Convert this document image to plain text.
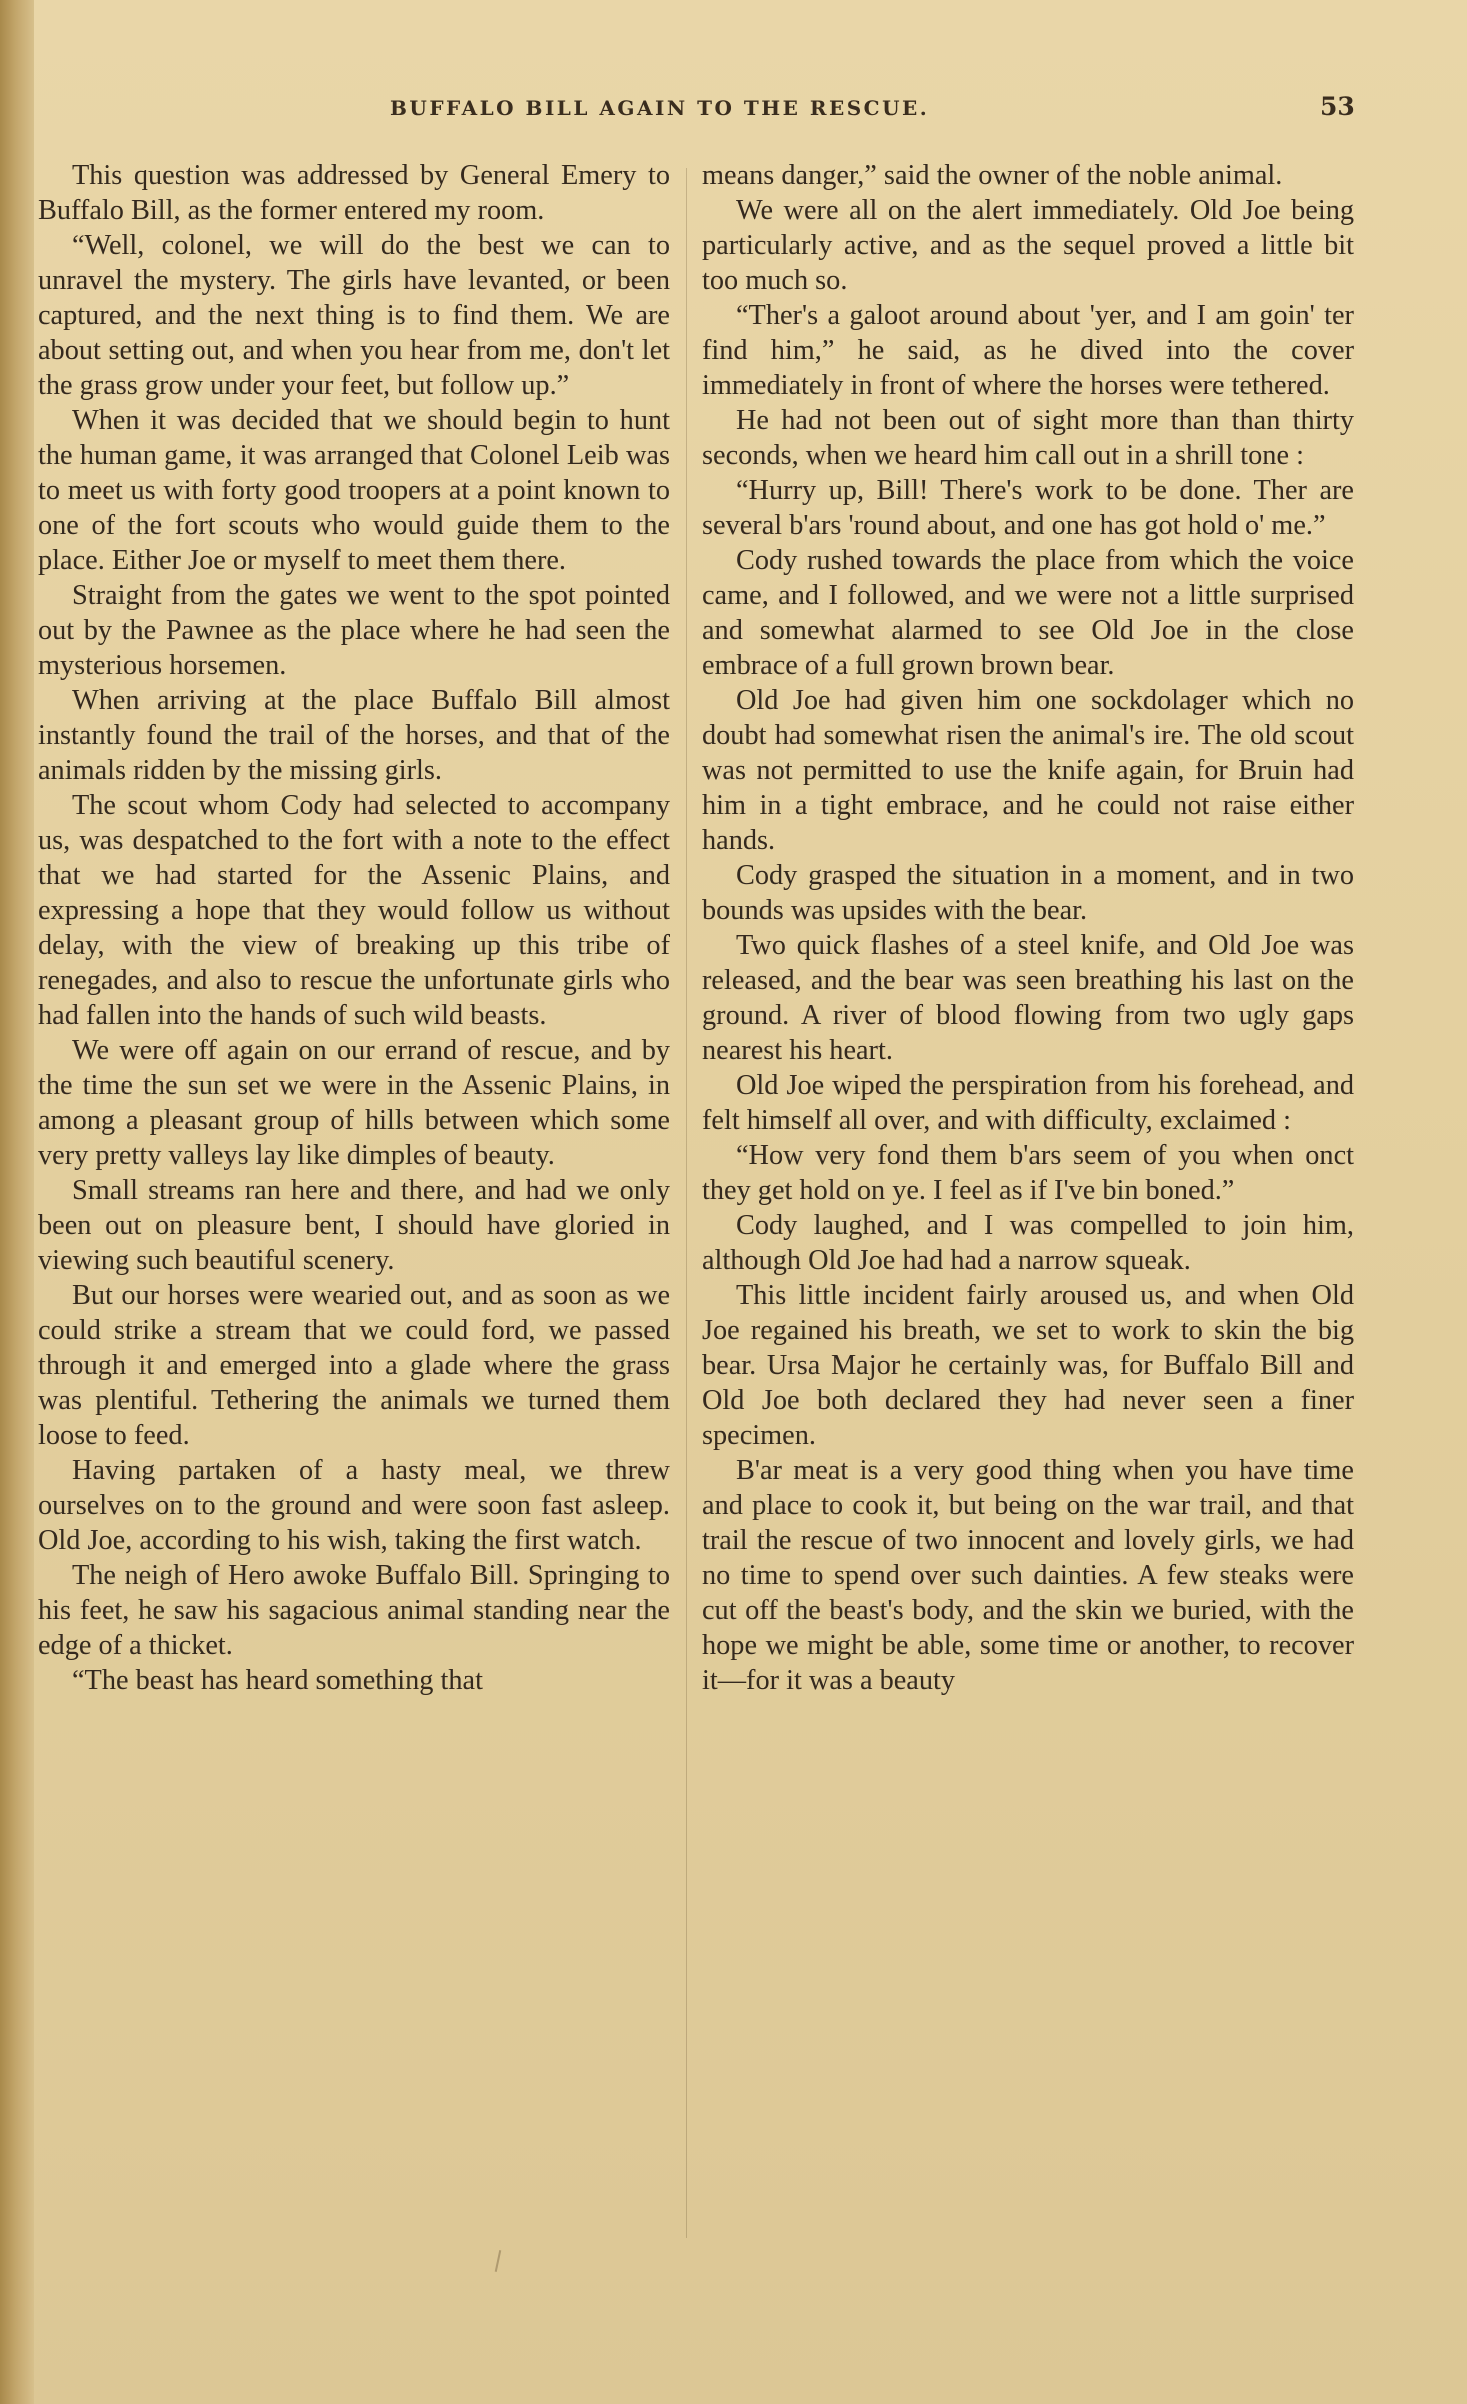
BUFFALO BILL AGAIN TO THE RESCUE.	53

This question was addressed by General Emery to Buffalo Bill, as the former entered my room.

“Well, colonel, we will do the best we can to unravel the mystery. The girls have levanted, or been captured, and the next thing is to find them. We are about setting out, and when you hear from me, don't let the grass grow under your feet, but follow up.”

When it was decided that we should begin to hunt the human game, it was arranged that Colonel Leib was to meet us with forty good troopers at a point known to one of the fort scouts who would guide them to the place. Either Joe or myself to meet them there.

Straight from the gates we went to the spot pointed out by the Pawnee as the place where he had seen the mysterious horsemen.

When arriving at the place Buffalo Bill almost instantly found the trail of the horses, and that of the animals ridden by the missing girls.

The scout whom Cody had selected to accompany us, was despatched to the fort with a note to the effect that we had started for the Assenic Plains, and expressing a hope that they would follow us without delay, with the view of breaking up this tribe of renegades, and also to rescue the unfortunate girls who had fallen into the hands of such wild beasts.

We were off again on our errand of rescue, and by the time the sun set we were in the Assenic Plains, in among a pleasant group of hills between which some very pretty valleys lay like dimples of beauty.

Small streams ran here and there, and had we only been out on pleasure bent, I should have gloried in viewing such beautiful scenery.

But our horses were wearied out, and as soon as we could strike a stream that we could ford, we passed through it and emerged into a glade where the grass was plentiful. Tethering the animals we turned them loose to feed.

Having partaken of a hasty meal, we threw ourselves on to the ground and were soon fast asleep. Old Joe, according to his wish, taking the first watch.

The neigh of Hero awoke Buffalo Bill. Springing to his feet, he saw his sagacious animal standing near the edge of a thicket.

“The beast has heard something that

means danger,” said the owner of the noble animal.

We were all on the alert immediately. Old Joe being particularly active, and as the sequel proved a little bit too much so.

“Ther's a galoot around about 'yer, and I am goin' ter find him,” he said, as he dived into the cover immediately in front of where the horses were tethered.

He had not been out of sight more than than thirty seconds, when we heard him call out in a shrill tone :

“Hurry up, Bill! There's work to be done. Ther are several b'ars 'round about, and one has got hold o' me.”

Cody rushed towards the place from which the voice came, and I followed, and we were not a little surprised and somewhat alarmed to see Old Joe in the close embrace of a full grown brown bear.

Old Joe had given him one sockdolager which no doubt had somewhat risen the animal's ire. The old scout was not permitted to use the knife again, for Bruin had him in a tight embrace, and he could not raise either hands.

Cody grasped the situation in a moment, and in two bounds was upsides with the bear.

Two quick flashes of a steel knife, and Old Joe was released, and the bear was seen breathing his last on the ground. A river of blood flowing from two ugly gaps nearest his heart.

Old Joe wiped the perspiration from his forehead, and felt himself all over, and with difficulty, exclaimed :

“How very fond them b'ars seem of you when onct they get hold on ye. I feel as if I've bin boned.”

Cody laughed, and I was compelled to join him, although Old Joe had had a narrow squeak.

This little incident fairly aroused us, and when Old Joe regained his breath, we set to work to skin the big bear. Ursa Major he certainly was, for Buffalo Bill and Old Joe both declared they had never seen a finer specimen.

B'ar meat is a very good thing when you have time and place to cook it, but being on the war trail, and that trail the rescue of two innocent and lovely girls, we had no time to spend over such dainties. A few steaks were cut off the beast's body, and the skin we buried, with the hope we might be able, some time or another, to recover it—for it was a beauty
